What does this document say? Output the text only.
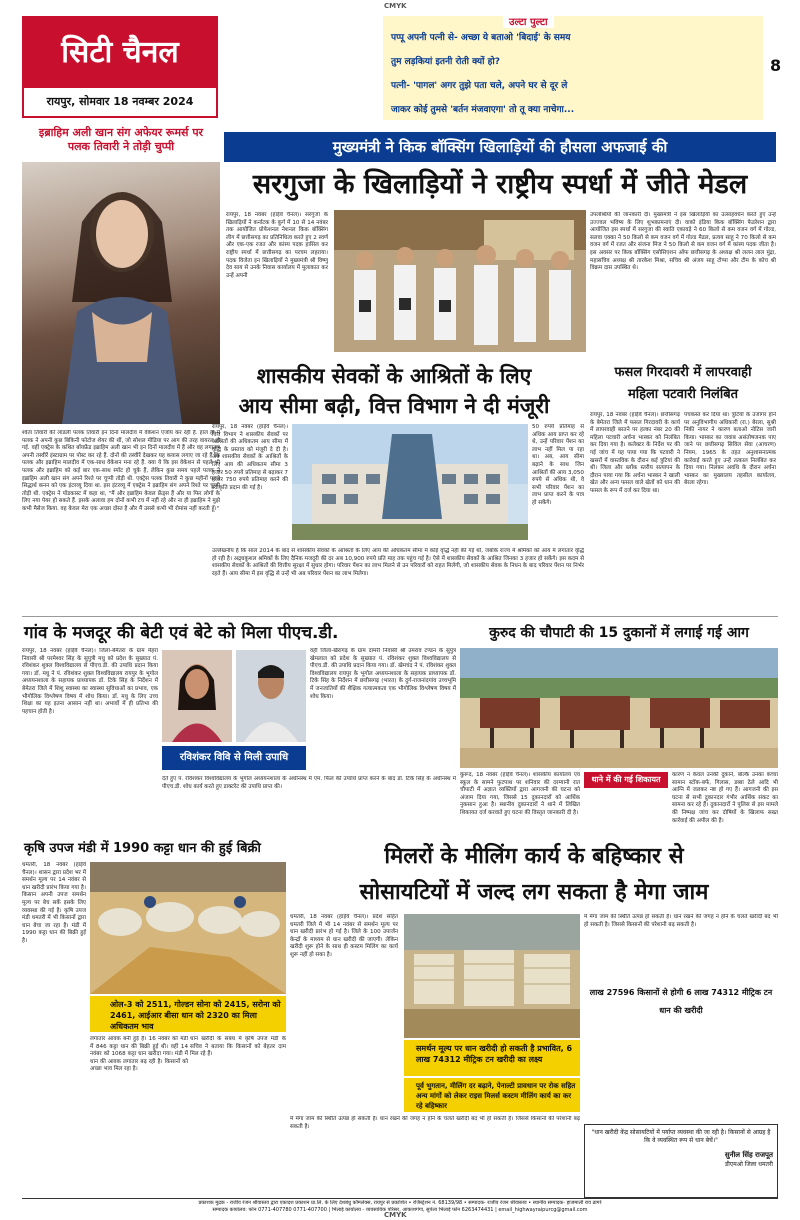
CMYK
सिटी चैनल
रायपुर, सोमवार 18 नवम्बर 2024
उल्टा पुल्टा
पप्पू अपनी पत्नी से- अच्छा ये बताओ 'बिदाई' के समय
तुम लड़कियां इतनी रोती क्यों हो?
पत्नी- 'पागल' अगर तुझे पता चले, अपने घर से दूर ले
जाकर कोई तुमसे 'बर्तन मंजवाएगा' तो तू क्या नाचेगा...
8
इब्राहिम अली खान संग अफेयर रूमर्स पर पलक तिवारी ने तोड़ी चुप्पी
श्वेता तिवारी की लाडली पलक तिवारी इन दिनों मालदीव में वेकेशन एंजॉय कर रही हैं. हाल ही में पलक ने अपनी कुछ बिकिनी फोटोज शेयर की थीं, जो सोशल मीडिया पर आग की तरह वायरल हो गई. वहीं एक्ट्रेस के कथित बॉयफ्रेंड इब्राहिम अली खान भी इन दिनों मालदीव में हैं और वह लगातार अपनी तस्वीरें इंस्टाग्राम पर पोस्ट कर रहे हैं. दोनों की तस्वीरें देखकर यह कयास लगाए जा रहे हैं कि पलक और इब्राहिम मालदीव में एक-साथ वेकेशन मना रहे हैं. क्या ये कि इस वेकेशन से पहले भी पलक और इब्राहिम को कई बार एक-साथ स्पॉट हो चुके हैं, लेकिन कुछ समय पहले पलक ने इब्राहिम अली खान संग अपने रिश्ते पर चुप्पी तोड़ी थी. एक्ट्रेस पलक तिवारी ने कुछ महीनों पहले सिद्धार्थ कनन को एक इंटरव्यू दिया था. इस इंटरव्यू में एक्ट्रेस ने इब्राहिम संग अपने रिश्ते पर चुप्पी तोड़ी थी. एक्ट्रेस ने पॉडकास्ट में कहा था, "मैं और इब्राहिम केवल फ्रेंड्स हैं और या फिर लोगों के लिए नया पेयर हो सकते हैं. इसके अलावा हम दोनों कभी टच में नहीं रहे और ना ही इब्राहिम ने मुझे कभी मैसेज किया. वह केवल मेरा एक अच्छा दोस्त है और मैं उससे कभी भी रोमांस नहीं करती हूँ।"
मुख्यमंत्री ने किक बॉक्सिंग खिलाड़ियों की हौसला अफजाई की
सरगुजा के खिलाड़ियों ने राष्ट्रीय स्पर्धा में जीते मेडल
रायपुर, 18 नवंबर (हाईवे चैनल)। सरगुजा के खिलाड़ियों ने कर्नाटक के कुर्ग में 10 से 14 नवंबर तक आयोजित प्रोफेशनल नेशनल किक बॉक्सिंग लीग में छत्तीसगढ़ का प्रतिनिधित्व करते हुए 2 स्वर्ण और एक-एक रजत और कांस्य पदक हासिल कर राष्ट्रीय स्पर्धा में छत्तीसगढ़ का परचम लहराया। पदक विजेता इन खिलाड़ियों ने मुख्यमंत्री श्री विष्णु देव साय से उनके निवास कार्यालय में मुलाकात कर उन्हें अपनी
उपलब्धियों की जानकारी दी। मुख्यमंत्री ने इस खिलाड़ियों का उत्साहवर्धन करते हुए उन्हें उज्ज्वल भविष्य के लिए शुभकामनाएं दी। वाको इंडिया किक बॉक्सिंग फेडरेशन द्वारा आयोजित इस स्पर्धा में सरगुजा की स्वाति एकावड़े ने 60 किलो से कम वजन वर्ग में गोल्ड, सलवा एक्का ने 50 किलो से कम वजन वर्ग में गोल्ड मैडल, प्रत्यय साहू ने 70 किलो से कम वजन वर्ग में रजत और संजना मिंज ने 50 किलो से कम वजन वर्ग में कांस्य पदक जीता है। इस अवसर पर किक बॉक्सिंग एसोसिएशन ऑफ छत्तीसगढ़ के अध्यक्ष श्री ललन लाल मुंद्रा, महासचिव अध्यक्ष श्री तारकेश मिश्रा, सचिव श्री अंजय साहू टोप्पा और टीम के कोच श्री विक्रम दास उपस्थित थे।
शासकीय सेवकों के आश्रितों के लिए
आय सीमा बढ़ी, वित्त विभाग ने दी मंजूरी
रायपुर, 18 नवंबर (हाईवे चैनल)। वित्त विभाग ने शासकीय सेवकों पर आश्रितों की अधिकतम आय सीमा में वृद्धि के प्रस्ताव को मंजूरी दे दी है। अब शासकीय सेवकों के आश्रितों के लिए आय की अधिकतम सीमा 3 हजार 50 रुपये प्रतिमाह से बढ़ाकर 7 हजार 750 रुपये प्रतिमाह करने की स्वीकृति प्रदान की गई है।
50 रुपये प्रतिमाह से अधिक आय प्राप्त कर रहे थे, उन्हें परिवार पेंशन का लाभ नहीं मिल पा रहा था। अब, आय सीमा बढ़ाने के साथ जिन आश्रितों की आय 3,050 रुपये से अधिक थी, वे सभी परिवार पेंशन का लाभ प्राप्त करने के पात्र हो सकेंगे।
उल्लेखनीय है कि साल 2014 के बाद से शासकीय सेवकों के आश्रितों के लिए आय की अधिकतम सीमा में कोई वृद्धि नहीं की गई थी, जबकि राज्य में श्रमिकों को आय में लगातार वृद्धि हो रही है। अद्र्धकुशल श्रमिकों के लिए दैनिक मजदूरी की दर अब 10,900 रुपये प्रति माह तक पहुंच गई है। ऐसे में शासकीय सेवकों के आश्रित जिनका 3 हजार हो सकेंगे। इस कदम से शासकीय सेवकों के आश्रितों की वित्तीय सुरक्षा में सुधार होगा। परिवार पेंशन का लाभ मिलने से उन परिवारों को राहत मिलेगी, जो शासकीय सेवक के निधन के बाद परिवार पेंशन पर निर्भर रहते हैं। आय सीमा में इस वृद्धि से उन्हें भी अब परिवार पेंशन का लाभ मिलेगा।
फसल गिरदावरी में लापरवाही
महिला पटवारी निलंबित
रायपुर, 18 नवंबर (हाईवे चैनल)। छत्तीसगढ़ के बेमेतरा जिले में फसल गिरदावरी के कार्य में लापरवाही बरतने पर हल्का नंबर 20 की महिला पटवारी अर्चना भास्कर को निलंबित कर दिया गया है। कलेक्टर के निर्देश पर की गई जांच में यह पाया गया कि पटवारी ने खसरों में वास्तविक के दौरान कई त्रुटियां की थी। जिला और ब्लॉक स्तरीय सत्यापन के दौरान पाया गया कि अर्चना भास्कर ने खाली खेत और अन्य फसल वाले खेतों को धान की फसल के रूप में दर्ज कर दिया था।
पंचकस्त कर दिया था। त्रुटियों के उजागर होने पर अनुविभागीय अधिकारी (रा.) बेरला, सुश्री निकी नायर ने कारण बताओ नोटिस जारी किया। भास्कर का जवाब असंतोषजनक पाए जाने पर छत्तीसगढ़ सिविल सेवा (आचरण) नियम, 1965 के तहत अनुशासनात्मक कार्रवाई करते हुए उन्हें तत्काल निलंबित कर दिया गया। निलंबन अवधि के दौरान अर्चना भास्कर का मुख्यालय तहसील कार्यालय, बेरला रहेगा।
गांव के मजदूर की बेटी एवं बेटे को मिला पीएच.डी.
रायपुर, 18 नवंबर (हाईवे चैनल)। जिला-बेमेतरा के ग्राम मेहरा निवासी श्री परमेश्वर सिंह के सुपुत्री मधु को प्रदेश के सुख्यात पं. रविशंकर शुक्ल विश्वविद्यालय से पीएच.डी. की उपाधि प्रदान किया गया। डॉ. मधु ने पं. रविशंकर शुक्ल विश्वविद्यालय रायपुर के भूगोल अध्ययनशाला के सहायक प्राध्यापक डॉ. टिके सिंह के निर्देशन में बेमेतरा जिले में शिशु स्वास्थ्य का स्वास्थ्य सुविधाओं का प्रभाव, एक भौगोलिक विश्लेषण विषय में शोध किया। डॉ. मधु के लिए उच्च शिक्षा का यह इतना आसान नहीं था। अभावों में ही प्रतिभा की पहचान होती है।
रविशंकर विवि से मिली उपाधि
वहीं जिला-खैरागढ़ के ग्राम दामरी निवासी श्री उमराव टण्डन के सुपुत्र खेमलाल को प्रदेश के सुख्यात पं. रविशंकर शुक्ल विश्वविद्यालय से पीएच.डी. की उपाधि प्रदान किया गया। डॉ. खेमचंद ने पं. रविशंकर शुक्ल विश्वविद्यालय रायपुर के भूगोल अध्ययनशाला के सहायक प्राध्यापक डॉ. टिके सिंह के निर्देशन में छत्तीसगढ़ (भारत) के दुर्ग-राजनांदगांव उच्चभूमि में जनजातियों की शैक्षिक गत्यात्मकता एक भौगोलिक विश्लेषण विषय में शोध किया।
देते हुए पं. रविशंकर विश्वविद्यालय के भूगोल अध्ययनशाला के अधीनस्थ में एम. फिल की उपाधि प्राप्त करने के बाद डॉ. टिके सिंह के अधीनस्थ में पीएच.डी. शोध कार्य करते हुए डाक्टरेट की उपाधि प्राप्त की।
कुरुद की चौपाटी की 15 दुकानों में लगाई गई आग
थाने में की गई शिकायत
कुरूद, 18 नवंबर (हाईवे चैनल)। शासकीय कार्यालय एवं स्कूल के सामने फुटपाथ पर शनिवार की दरम्यानी रात चौपाटी में अज्ञात व्यक्तियों द्वारा आगजनी की घटना को अंजाम दिया गया, जिससे 15 दुकानदारों को आर्थिक नुकसान हुआ है। स्थानीय दुकानदारों ने थाने में लिखित शिकायत दर्ज करवाते हुए घटना की विस्तृत जानकारी दी है।
कारण न केवल उनकी दुकानें, बल्कि उनका कच्चा सामान स्टॉक-बर्फ, गिलास, डब्बा ठेले आदि भी आग्नि में जलकर नष्ट हो गए हैं। आगजनी की इस घटना से सभी दुकानदार गंभीर आर्थिक संकट का सामना कर रहे हैं। दुकानदारों ने पुलिस से इस मामले की निष्पक्ष जांच कर दोषियों के खिलाफ सख्त कार्रवाई की अपील की है।
कृषि उपज मंडी में 1990 कट्टा धान की हुई बिक्री
धमतरी, 18 नवंबर (हाईवे चैनल)। शासन द्वारा प्रदेश भर में समर्थन मूल्य पर 14 नवंबर से धान खरीदी प्रारंभ किया गया है। किसान अपनी उपज समर्थन मूल्य पर बेच सकें इसके लिए व्यवस्था की गई है। कृषि उपज मंडी धमतरी में भी किसानों द्वारा धान बेचा जा रहा है। मंडी में 1990 कट्टा धान की बिक्री हुई है।
ओल-3 को 2511, गोल्डन सोना को 2415, सरोना को 2461, आईआर बीसा धान को 2320 का मिला अधिकतम भाव
लगातार आवक बनी हुई है। 16 नवंबर को मंडी में 846 कट्टा धान की बिक्री हुई थी। वहीं 14 नवंबर को 1068 कट्टा धान खरीदा गया। मंडी में धान की आवक लगातार बढ़ रही है। किसानों को अच्छा भाव मिल रहा है।
धान खरीदी के संबंध में कृषि उपज मंडी के सचिव ने बताया कि किसानों को बेहतर दाम मिल रहे हैं।
मिलरों के मीलिंग कार्य के बहिष्कार से
सोसायटियों में जल्द लग सकता है मेगा जाम
धमतरी, 18 नवंबर (हाईवे चैनल)। प्रदेश सहित धमतरी जिले में भी 14 नवंबर से समर्थन मूल्य पर धान खरीदी प्रारंभ हो गई है। जिले के 100 उपार्जन केन्द्रों के माध्यम से धान खरीदी की जाएगी। लेकिन खरीदी शुरू होने के साथ ही कस्टम मिलिंग का कार्य शुरू नहीं हो सका है।
समर्थन मूल्य पर धान खरीदी हो सकती है प्रभावित, 6 लाख 74312 मीट्रिक टन खरीदी का लक्ष्य
पूर्व भुगतान, मीलिंग दर बढ़ाने, पेनाल्टी प्रावधान पर रोक सहित अन्य मांगों को लेकर राइस मिलर्स कस्टम मीलिंग कार्य का कर रहे बहिष्कार
में मेगा जाम की स्थिति उत्पन्न हो सकती है। धान रखने की जगह न होने के चलते खरीदी बंद भी हो सकती है। जिससे किसानों की परेशानी बढ़ सकती है।
में मेगा जाम की स्थिति उत्पन्न हो सकती है। धान रखने की जगह न होने के चलते खरीदी बंद भी हो सकती है। जिससे किसानों की परेशानी बढ़ सकती है।
लाख 27596 किसानों से होगी 6 लाख 74312 मीट्रिक टन धान की खरीदी
"धान खरीदी केंद्र सोसायटियों में पर्याप्त व्यवस्था की जा रही है। किसानों से आग्रह है कि वे व्यवस्थित रूप से धान बेचें।"
सुनील सिंह राजपूत
डीएमओ जिला धमतरी
प्रकाशक मुद्रक - राजीव रंजन श्रीवास्तव द्वारा एकादश प्रकाशन प्रा.लि. के लिए देशबंधु कॉम्प्लेक्स, रायपुर से प्रकाशित • रजिस्ट्रेशन नं. 68139/98 • सम्पादक- राजीव रंजन श्रीवास्तव • स्थानीय सम्पादक- हाजमाली राव ढागरे
सम्पादक कार्यालय: फोन 0771-407780 0771-407700 | भिलाई कार्यालय - व्यवसायिक परिसर, आकाशगंगा, सुपेला भिलाई फोन 6263474431 | email_highwayraipurcg@gmail.com
CMYK
